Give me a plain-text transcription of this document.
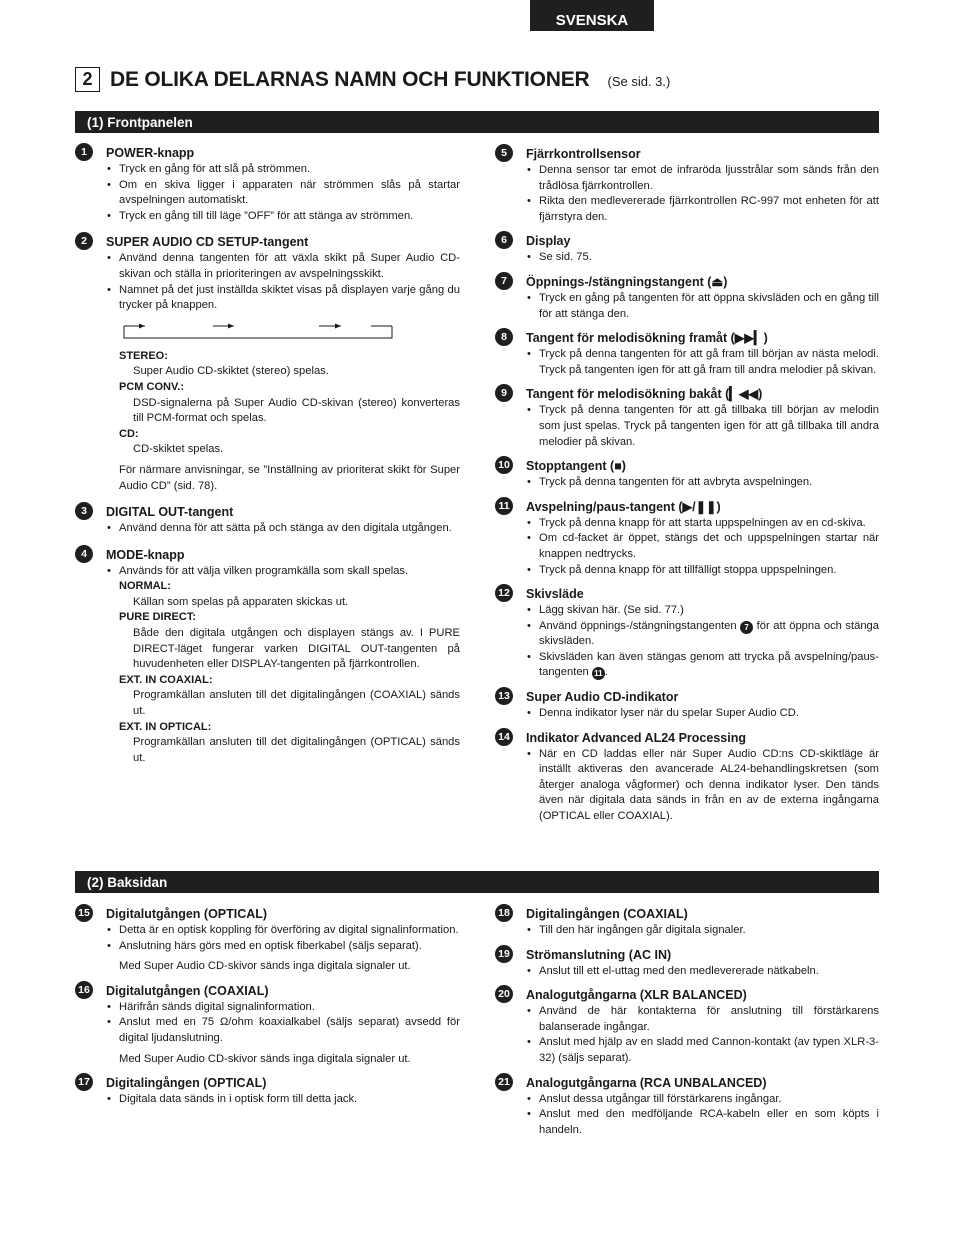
SVENSKA
2 DE OLIKA DELARNAS NAMN OCH FUNKTIONER (Se sid. 3.)
(1) Frontpanelen
1	POWER-knapp
• Tryck en gång för att slå på strömmen.
• Om en skiva ligger i apparaten när strömmen slås på startar avspelningen automatiskt.
• Tryck en gång till till läge ”OFF” för att stänga av strömmen.
2	SUPER AUDIO CD SETUP-tangent
• Använd denna tangenten för att växla skikt på Super Audio CD-skivan och ställa in prioriteringen av avspelningsskikt.
• Namnet på det just inställda skiktet visas på displayen varje gång du trycker på knappen.
STEREO:
Super Audio CD-skiktet (stereo) spelas.
PCM CONV.:
DSD-signalerna på Super Audio CD-skivan (stereo) konverteras till PCM-format och spelas.
CD:
CD-skiktet spelas.
För närmare anvisningar, se ”Inställning av prioriterat skikt för Super Audio CD” (sid. 78).
3	DIGITAL OUT-tangent
• Använd denna för att sätta på och stänga av den digitala utgången.
4	MODE-knapp
• Används för att välja vilken programkälla som skall spelas.
NORMAL:
Källan som spelas på apparaten skickas ut.
PURE DIRECT:
Både den digitala utgången och displayen stängs av. I PURE DIRECT-läget fungerar varken DIGITAL OUT-tangenten på huvudenheten eller DISPLAY-tangenten på fjärrkontrollen.
EXT. IN COAXIAL:
Programkällan ansluten till det digitalingången (COAXIAL) sänds ut.
EXT. IN OPTICAL:
Programkällan ansluten till det digitalingången (OPTICAL) sänds ut.
5	Fjärrkontrollsensor
• Denna sensor tar emot de infraröda ljusstrålar som sänds från den trådlösa fjärrkontrollen.
• Rikta den medlevererade fjärrkontrollen RC-997 mot enheten för att fjärrstyra den.
6	Display
• Se sid. 75.
7	Öppnings-/stängningstangent (⏏)
• Tryck en gång på tangenten för att öppna skivsläden och en gång till för att stänga den.
8	Tangent för melodisökning framåt (▶▶▎)
• Tryck på denna tangenten för att gå fram till början av nästa melodi. Tryck på tangenten igen för att gå fram till andra melodier på skivan.
9	Tangent för melodisökning bakåt (▎◀◀)
• Tryck på denna tangenten för att gå tillbaka till början av melodin som just spelas. Tryck på tangenten igen för att gå tillbaka till andra melodier på skivan.
10 Stopptangent (■)
• Tryck på denna tangenten för att avbryta avspelningen.
11 Avspelning/paus-tangent (▶/❚❚)
• Tryck på denna knapp för att starta uppspelningen av en cd-skiva.
• Om cd-facket är öppet, stängs det och uppspelningen startar när knappen nedtrycks.
• Tryck på denna knapp för att tillfälligt stoppa uppspelningen.
12 Skivsläde
• Lägg skivan här. (Se sid. 77.)
• Använd öppnings-/stängningstangenten 7 för att öppna och stänga skivsläden.
• Skivsläden kan även stängas genom att trycka på avspelning/paus-tangenten 11 .
13 Super Audio CD-indikator
• Denna indikator lyser när du spelar Super Audio CD.
14 Indikator Advanced AL24 Processing
• När en CD laddas eller när Super Audio CD:ns CD-skiktläge är inställt aktiveras den avancerade AL24-behandlingskretsen (som återger analoga vågformer) och denna indikator lyser. Den tänds även när digitala data sänds in från en av de externa ingångarna (OPTICAL eller COAXIAL).
(2) Baksidan
15 Digitalutgången (OPTICAL)
• Detta är en optisk koppling för överföring av digital signalinformation.
• Anslutning härs görs med en optisk fiberkabel (säljs separat).
Med Super Audio CD-skivor sänds inga digitala signaler ut.
16 Digitalutgången (COAXIAL)
• Härifrån sänds digital signalinformation.
• Anslut med en 75 Ω/ohm koaxialkabel (säljs separat) avsedd för digital ljudanslutning.
Med Super Audio CD-skivor sänds inga digitala signaler ut.
17 Digitalingången (OPTICAL)
• Digitala data sänds in i optisk form till detta jack.
18 Digitalingången (COAXIAL)
• Till den här ingången går digitala signaler.
19 Strömanslutning (AC IN)
• Anslut till ett el-uttag med den medlevererade nätkabeln.
20 Analogutgångarna (XLR BALANCED)
• Använd de här kontakterna för anslutning till förstärkarens balanserade ingångar.
• Anslut med hjälp av en sladd med Cannon-kontakt (av typen XLR-3-32) (säljs separat).
21 Analogutgångarna (RCA UNBALANCED)
• Anslut dessa utgångar till förstärkarens ingångar.
• Anslut med den medföljande RCA-kabeln eller en som köpts i handeln.
